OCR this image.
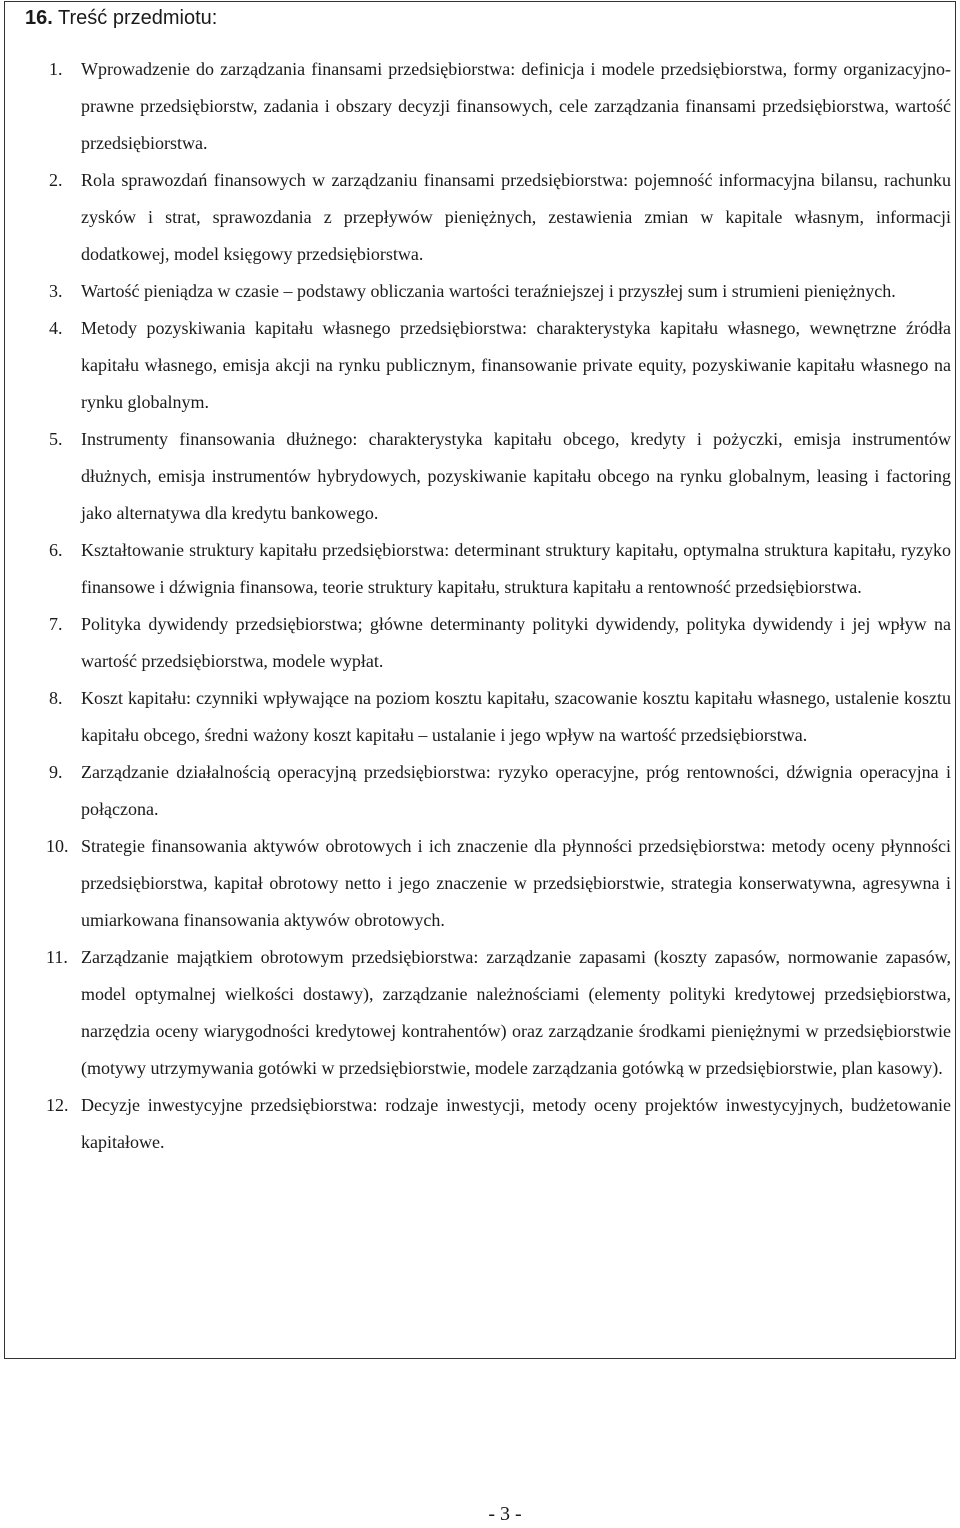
16. Treść przedmiotu:
1. Wprowadzenie do zarządzania finansami przedsiębiorstwa: definicja i modele przedsiębiorstwa, formy organizacyjno-prawne przedsiębiorstw, zadania i obszary decyzji finansowych, cele zarządzania finansami przedsiębiorstwa, wartość przedsiębiorstwa.
2. Rola sprawozdań finansowych w zarządzaniu finansami przedsiębiorstwa: pojemność informacyjna bilansu, rachunku zysków i strat, sprawozdania z przepływów pieniężnych, zestawienia zmian w kapitale własnym, informacji dodatkowej, model księgowy przedsiębiorstwa.
3. Wartość pieniądza w czasie – podstawy obliczania wartości teraźniejszej i przyszłej sum i strumieni pieniężnych.
4. Metody pozyskiwania kapitału własnego przedsiębiorstwa: charakterystyka kapitału własnego, wewnętrzne źródła kapitału własnego, emisja akcji na rynku publicznym, finansowanie private equity, pozyskiwanie kapitału własnego na rynku globalnym.
5. Instrumenty finansowania dłużnego: charakterystyka kapitału obcego, kredyty i pożyczki, emisja instrumentów dłużnych, emisja instrumentów hybrydowych, pozyskiwanie kapitału obcego na rynku globalnym, leasing i factoring jako alternatywa dla kredytu bankowego.
6. Kształtowanie struktury kapitału przedsiębiorstwa: determinant struktury kapitału, optymalna struktura kapitału, ryzyko finansowe i dźwignia finansowa, teorie struktury kapitału, struktura kapitału a rentowność przedsiębiorstwa.
7. Polityka dywidendy przedsiębiorstwa; główne determinanty polityki dywidendy, polityka dywidendy i jej wpływ na wartość przedsiębiorstwa, modele wypłat.
8. Koszt kapitału: czynniki wpływające na poziom kosztu kapitału, szacowanie kosztu kapitału własnego, ustalenie kosztu kapitału obcego, średni ważony koszt kapitału – ustalanie i jego wpływ na wartość przedsiębiorstwa.
9. Zarządzanie działalnością operacyjną przedsiębiorstwa: ryzyko operacyjne, próg rentowności, dźwignia operacyjna i połączona.
10. Strategie finansowania aktywów obrotowych i ich znaczenie dla płynności przedsiębiorstwa: metody oceny płynności przedsiębiorstwa, kapitał obrotowy netto i jego znaczenie w przedsiębiorstwie, strategia konserwatywna, agresywna i umiarkowana finansowania aktywów obrotowych.
11. Zarządzanie majątkiem obrotowym przedsiębiorstwa: zarządzanie zapasami (koszty zapasów, normowanie zapasów, model optymalnej wielkości dostawy), zarządzanie należnościami (elementy polityki kredytowej przedsiębiorstwa, narzędzia oceny wiarygodności kredytowej kontrahentów) oraz zarządzanie środkami pieniężnymi w przedsiębiorstwie (motywy utrzymywania gotówki w przedsiębiorstwie, modele zarządzania gotówką w przedsiębiorstwie, plan kasowy).
12. Decyzje inwestycyjne przedsiębiorstwa: rodzaje inwestycji, metody oceny projektów inwestycyjnych, budżetowanie kapitałowe.
- 3 -
